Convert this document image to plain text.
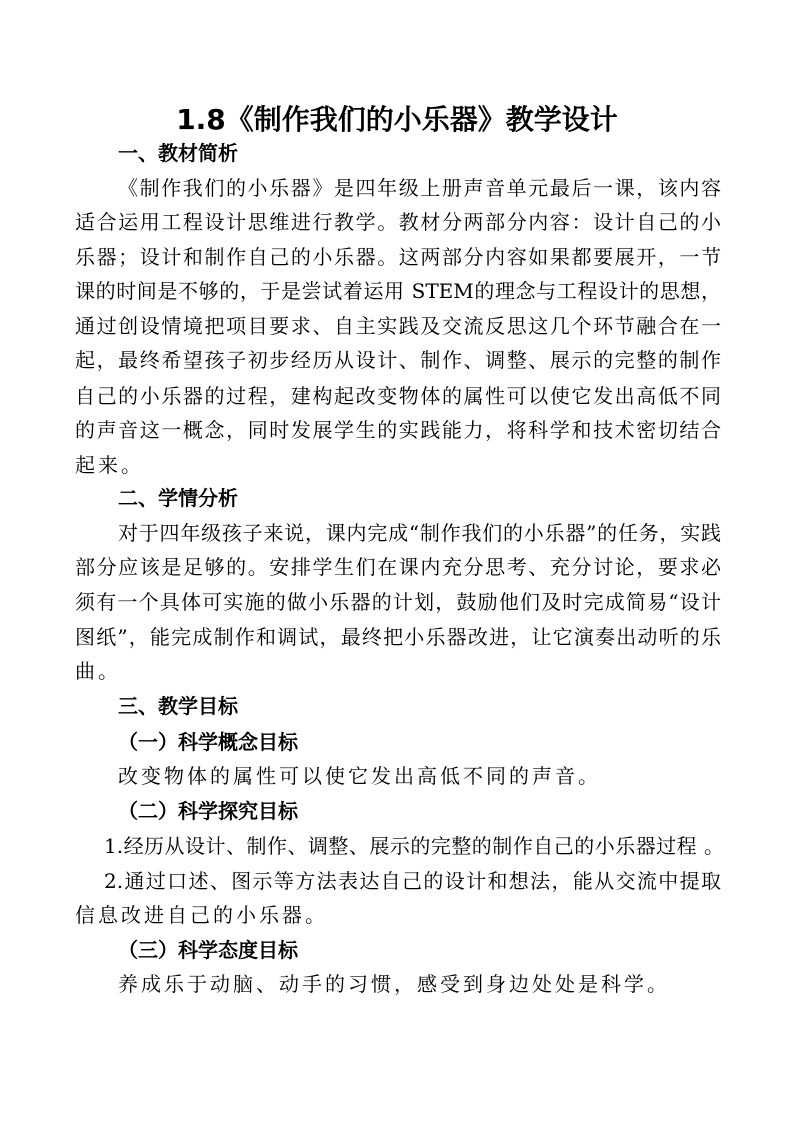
1.8《制作我们的小乐器》教学设计
一、教材简析
《制作我们的小乐器》是四年级上册声音单元最后一课，该内容
适合运用工程设计思维进行教学。教材分两部分内容：设计自己的小
乐器；设计和制作自己的小乐器。这两部分内容如果都要展开，一节
课的时间是不够的，于是尝试着运用 STEM的理念与工程设计的思想，
通过创设情境把项目要求、自主实践及交流反思这几个环节融合在一
起，最终希望孩子初步经历从设计、制作、调整、展示的完整的制作
自己的小乐器的过程，建构起改变物体的属性可以使它发出高低不同
的声音这一概念，同时发展学生的实践能力，将科学和技术密切结合
起来。
二、学情分析
对于四年级孩子来说，课内完成“制作我们的小乐器”的任务，实践
部分应该是足够的。安排学生们在课内充分思考、充分讨论，要求必
须有一个具体可实施的做小乐器的计划，鼓励他们及时完成简易“设计
图纸”，能完成制作和调试，最终把小乐器改进，让它演奏出动听的乐
曲。
三、教学目标
（一）科学概念目标
改变物体的属性可以使它发出高低不同的声音。
（二）科学探究目标
1.经历从设计、制作、调整、展示的完整的制作自己的小乐器过程 。
2.通过口述、图示等方法表达自己的设计和想法，能从交流中提取
信息改进自己的小乐器。
（三）科学态度目标
养成乐于动脑、动手的习惯，感受到身边处处是科学。
